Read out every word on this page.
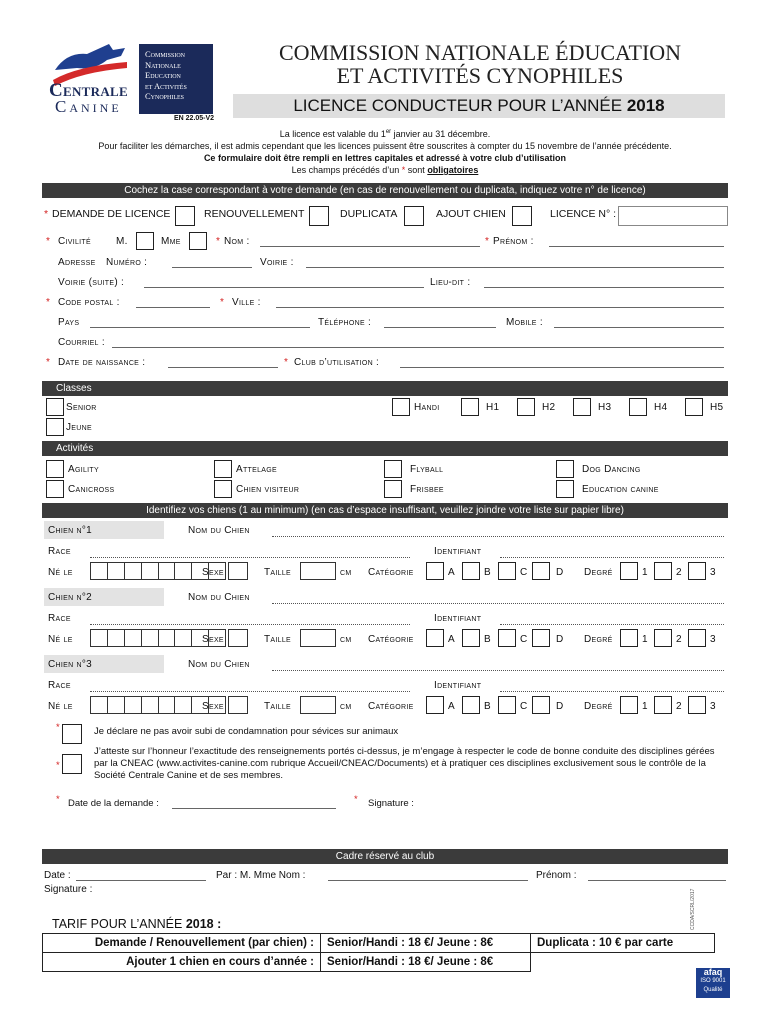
Centrale
Canine
Commission
Nationale
Education
et Activités
Cynophiles
EN 22.05-V2
COMMISSION NATIONALE ÉDUCATION
ET ACTIVITÉS CYNOPHILES
LICENCE CONDUCTEUR POUR L’ANNÉE 2018
La licence est valable du 1er janvier au 31 décembre.
Pour faciliter les démarches, il est admis cependant que les licences puissent être souscrites à compter du 15 novembre de l’année précédente.
Ce formulaire doit être rempli en lettres capitales et adressé à votre club d’utilisation
Les champs précédés d’un * sont obligatoires
Cochez la case correspondant à votre demande (en cas de renouvellement ou duplicata, indiquez votre n° de licence)
* DEMANDE DE LICENCE	RENOUVELLEMENT	DUPLICATA	AJOUT CHIEN	LICENCE N° :
* Civilité	M.	Mme	* Nom :	* Prénom :
Adresse Numéro :	Voirie :
Voirie (suite) :	Lieu-dit :
* Code postal :	* Ville :
Pays	Téléphone :	Mobile :
Courriel :
* Date de naissance :	* Club d’utilisation :
Classes
Senior	Handi	H1	H2	H3	H4	H5
Jeune
Activités
Agility	Attelage	Flyball	Dog Dancing
Canicross	Chien visiteur	Frisbee	Education canine
Identifiez vos chiens (1 au minimum) (en cas d’espace insuffisant, veuillez joindre votre liste sur papier libre)
Chien n°1	Nom du Chien
Race	Identifiant
Né le	Sexe	Taille	cm Catégorie	A	B	C	D Degré	1	2	3
Chien n°2	Nom du Chien
Race	Identifiant
Né le	Sexe	Taille	cm Catégorie	A	B	C	D Degré	1	2	3
Chien n°3	Nom du Chien
Race	Identifiant
Né le	Sexe	Taille	cm Catégorie	A	B	C	D Degré	1	2	3
*	Je déclare ne pas avoir subi de condamnation pour sévices sur animaux
*
J’atteste sur l’honneur l’exactitude des renseignements portés ci-dessus, je m’engage à respecter le code de bonne conduite des disciplines gérées par la CNEAC (www.activites-canine.com rubrique Accueil/CNEAC/Documents) et à pratiquer ces disciplines exclusivement sous le contrôle de la Société Centrale Canine et de ses membres.
* Date de la demande :	* Signature :
Cadre réservé au club
Date :	Par : M. Mme Nom :	Prénom :
Signature :
TARIF POUR L’ANNÉE 2018 :
Demande / Renouvellement (par chien) :	Senior/Handi : 18 €/ Jeune : 8€	Duplicata : 10 € par carte
Ajouter 1 chien en cours d’année :	Senior/Handi : 18 €/ Jeune : 8€	
CCDA/SCRL/2017
afaq
ISO 9001
Qualité
